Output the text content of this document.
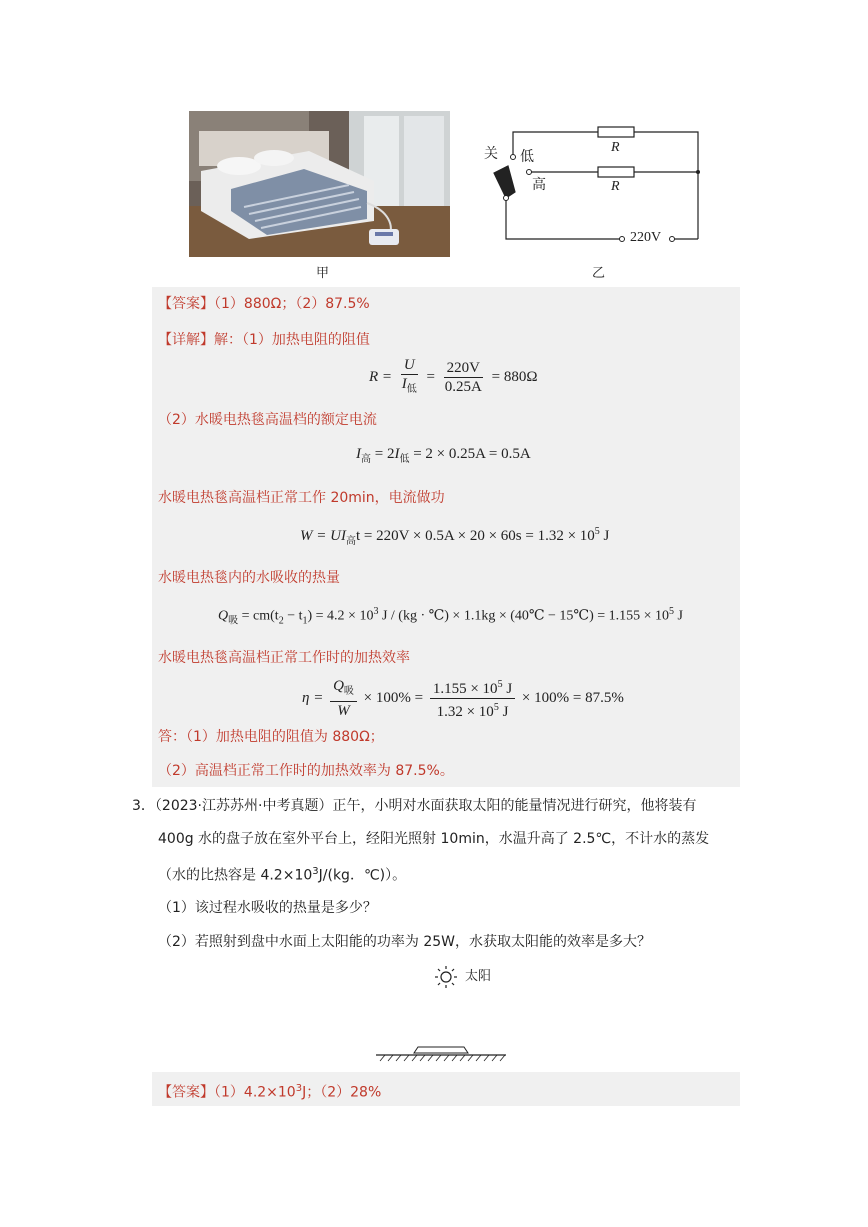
甲
关 低
高
R
R
220V
乙
【答案】（1）880Ω；（2）87.5%
【详解】解：（1）加热电阻的阻值
$R = \frac{U}{I_低} = \frac{220V}{0.25A} = 880\Omega$
（2）水暖电热毯高温档的额定电流
$I_高 = 2I_低 = 2 \times 0.25A = 0.5A$
水暖电热毯高温档正常工作 20min，电流做功
$W = UI_高t = 220V \times 0.5A \times 20 \times 60s = 1.32 \times 10^5$ J
水暖电热毯内的水吸收的热量
$Q_吸 = cm(t_2 - t_1) = 4.2 \times 10^3$ J / (kg · ℃) × 1.1kg × (40℃ − 15℃) = $1.155 \times 10^5$ J
水暖电热毯高温档正常工作时的加热效率
$\eta = \frac{Q_吸}{W} \times 100\% = \frac{1.155 \times 10^5 J}{1.32 \times 10^5 J} \times 100\% = 87.5\%$
答：（1）加热电阻的阻值为 880Ω；
（2）高温档正常工作时的加热效率为 87.5%。
3．（2023·江苏苏州·中考真题）正午，小明对水面获取太阳的能量情况进行研究，他将装有
400g 水的盘子放在室外平台上，经阳光照射 10min，水温升高了 2.5℃，不计水的蒸发
（水的比热容是 $4.2\times 10^3J/(kg$．℃)）。
（1）该过程水吸收的热量是多少？
（2）若照射到盘中水面上太阳能的功率为 25W，水获取太阳能的效率是多大？
太阳
【答案】$(1)4.2\times 10^3J$；（2）28%
